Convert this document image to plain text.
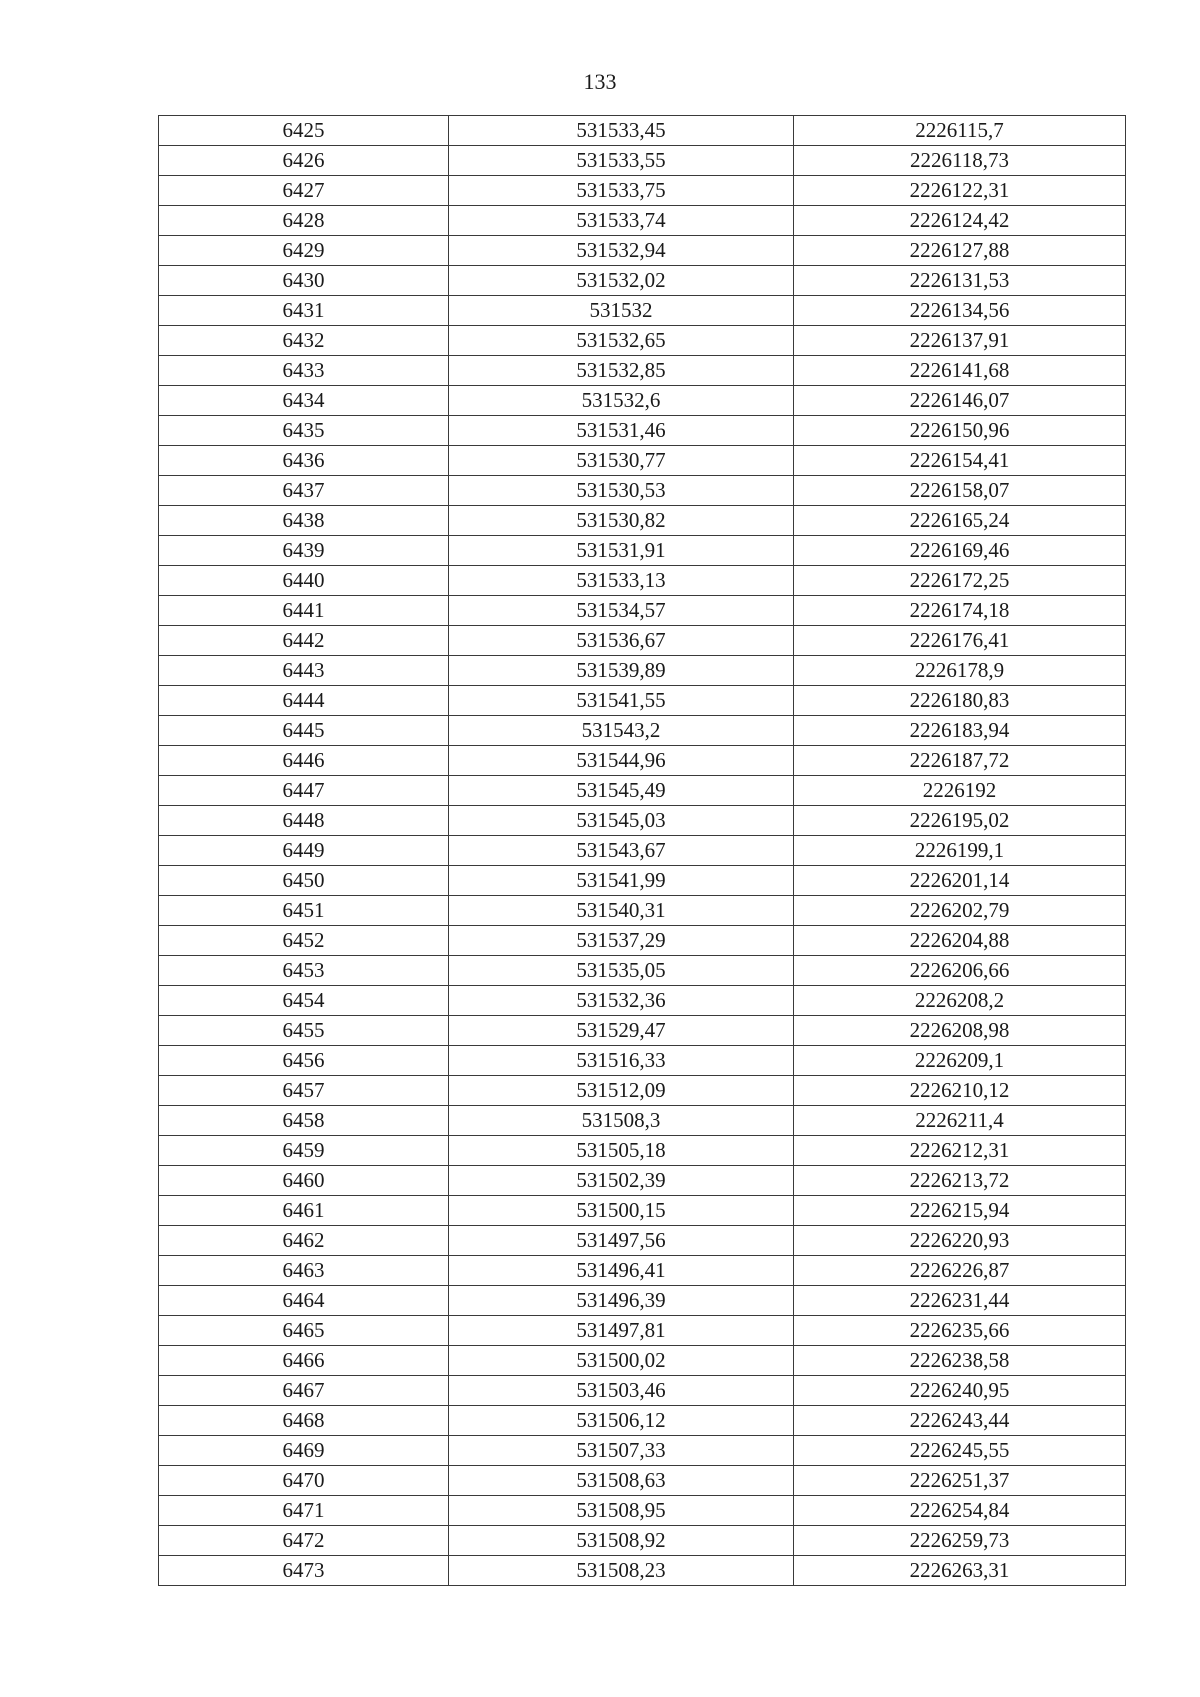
133
6425	531533,45	2226115,7
6426	531533,55	2226118,73
6427	531533,75	2226122,31
6428	531533,74	2226124,42
6429	531532,94	2226127,88
6430	531532,02	2226131,53
6431	531532	2226134,56
6432	531532,65	2226137,91
6433	531532,85	2226141,68
6434	531532,6	2226146,07
6435	531531,46	2226150,96
6436	531530,77	2226154,41
6437	531530,53	2226158,07
6438	531530,82	2226165,24
6439	531531,91	2226169,46
6440	531533,13	2226172,25
6441	531534,57	2226174,18
6442	531536,67	2226176,41
6443	531539,89	2226178,9
6444	531541,55	2226180,83
6445	531543,2	2226183,94
6446	531544,96	2226187,72
6447	531545,49	2226192
6448	531545,03	2226195,02
6449	531543,67	2226199,1
6450	531541,99	2226201,14
6451	531540,31	2226202,79
6452	531537,29	2226204,88
6453	531535,05	2226206,66
6454	531532,36	2226208,2
6455	531529,47	2226208,98
6456	531516,33	2226209,1
6457	531512,09	2226210,12
6458	531508,3	2226211,4
6459	531505,18	2226212,31
6460	531502,39	2226213,72
6461	531500,15	2226215,94
6462	531497,56	2226220,93
6463	531496,41	2226226,87
6464	531496,39	2226231,44
6465	531497,81	2226235,66
6466	531500,02	2226238,58
6467	531503,46	2226240,95
6468	531506,12	2226243,44
6469	531507,33	2226245,55
6470	531508,63	2226251,37
6471	531508,95	2226254,84
6472	531508,92	2226259,73
6473	531508,23	2226263,31
